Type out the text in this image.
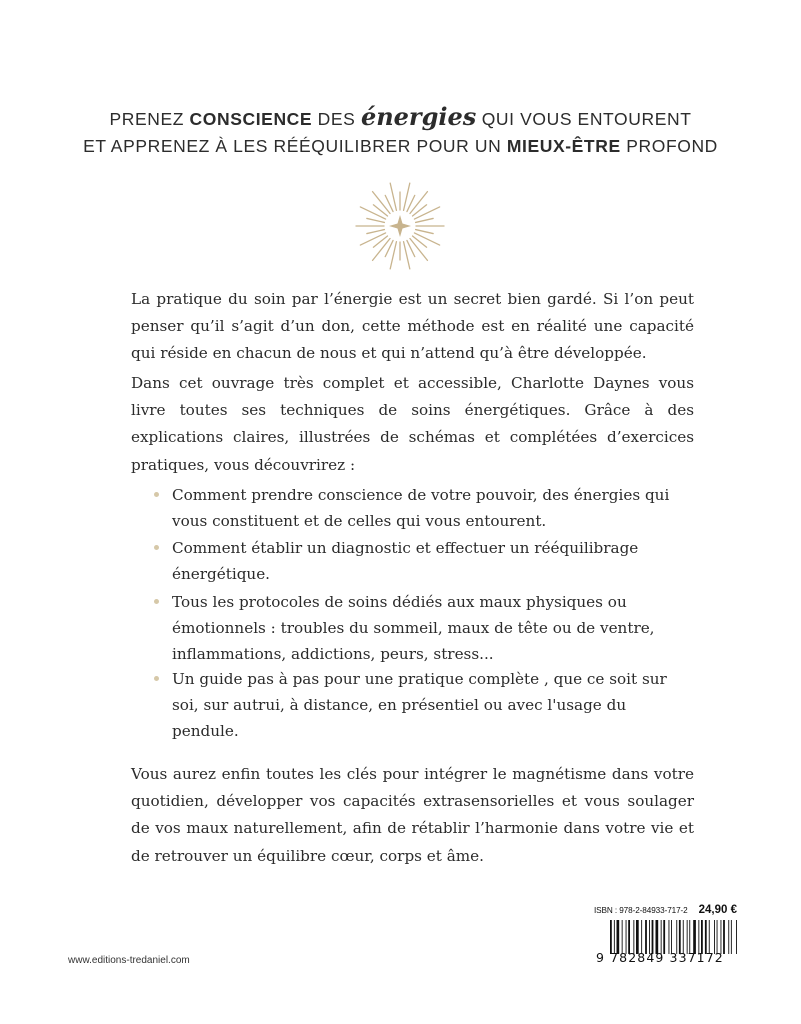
PRENEZ CONSCIENCE DES énergies QUI VOUS ENTOURENT
ET APPRENEZ À LES RÉÉQUILIBRER POUR UN MIEUX-ÊTRE PROFOND

La pratique du soin par l’énergie est un secret bien gardé. Si l’on peut penser qu’il s’agit d’un don, cette méthode est en réalité une capacité qui réside en chacun de nous et qui n’attend qu’à être développée.

Dans cet ouvrage très complet et accessible, Charlotte Daynes vous livre toutes ses techniques de soins énergétiques. Grâce à des explications claires, illustrées de schémas et complétées d’exercices pratiques, vous découvrirez :

Comment prendre conscience de votre pouvoir, des énergies qui vous constituent et de celles qui vous entourent.
Comment établir un diagnostic et effectuer un rééquilibrage énergétique.
Tous les protocoles de soins dédiés aux maux physiques ou émotionnels : troubles du sommeil, maux de tête ou de ventre, inflammations, addictions, peurs, stress...
Un guide pas à pas pour une pratique complète , que ce soit sur soi, sur autrui, à distance, en présentiel ou avec l'usage du pendule.

Vous aurez enfin toutes les clés pour intégrer le magnétisme dans votre quotidien, développer vos capacités extrasensorielles et vous soulager de vos maux naturellement, afin de rétablir l’harmonie dans votre vie et de retrouver un équilibre cœur, corps et âme.

www.editions-tredaniel.com
ISBN : 978-2-84933-717-2 24,90 €
9 782849 337172
